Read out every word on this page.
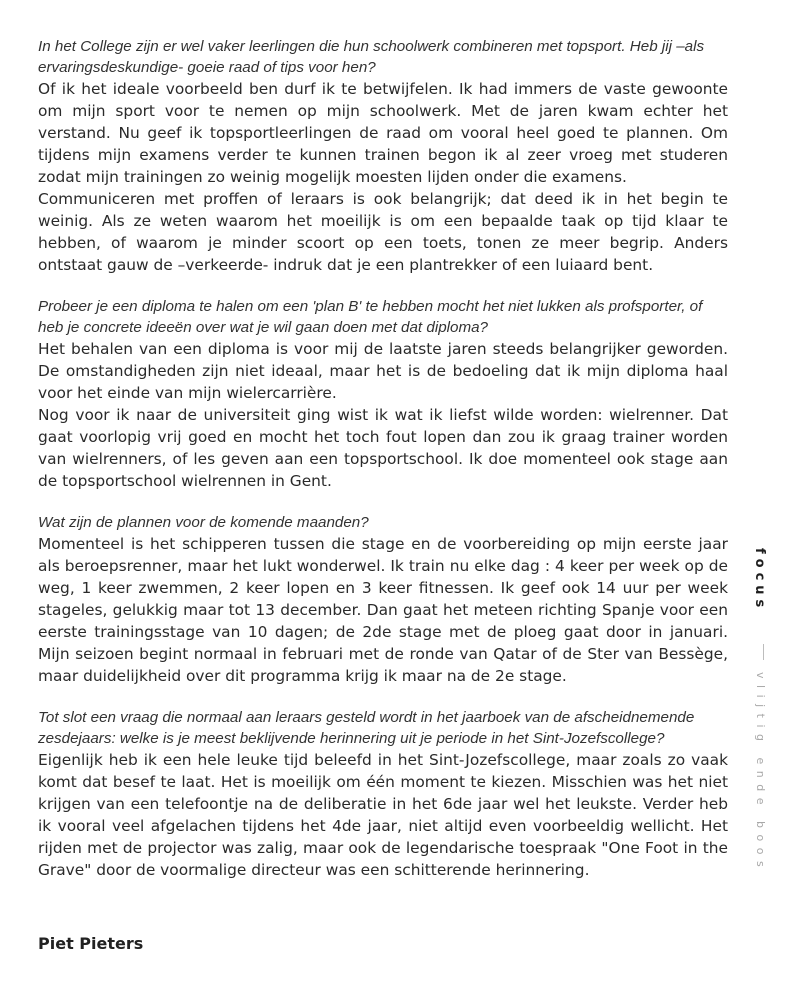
In het College zijn er wel vaker leerlingen die hun schoolwerk combineren met topsport. Heb jij –als ervaringsdeskundige- goeie raad of tips voor hen?

Of ik het ideale voorbeeld ben durf ik te betwijfelen. Ik had immers de vaste gewoonte om mijn sport voor te nemen op mijn schoolwerk. Met de jaren kwam echter het verstand. Nu geef ik topsportleerlingen de raad om vooral heel goed te plannen. Om tijdens mijn examens verder te kunnen trainen begon ik al zeer vroeg met studeren zodat mijn trainingen zo weinig mogelijk moesten lijden onder die examens.

Communiceren met proffen of leraars is ook belangrijk; dat deed ik in het begin te weinig. Als ze weten waarom het moeilijk is om een bepaalde taak op tijd klaar te hebben, of waarom je minder scoort op een toets, tonen ze meer begrip. Anders ontstaat gauw de –verkeerde- indruk dat je een plantrekker of een luiaard bent.

Probeer je een diploma te halen om een 'plan B' te hebben mocht het niet lukken als profsporter, of heb je concrete ideeën over wat je wil gaan doen met dat diploma?

Het behalen van een diploma is voor mij de laatste jaren steeds belangrijker geworden. De omstandigheden zijn niet ideaal, maar het is de bedoeling dat ik mijn diploma haal voor het einde van mijn wielercarrière.

Nog voor ik naar de universiteit ging wist ik wat ik liefst wilde worden: wielrenner. Dat gaat voorlopig vrij goed en mocht het toch fout lopen dan zou ik graag trainer worden van wielrenners, of les geven aan een topsportschool. Ik doe momenteel ook stage aan de topsportschool wielrennen in Gent.

Wat zijn de plannen voor de komende maanden?

Momenteel is het schipperen tussen die stage en de voorbereiding op mijn eerste jaar als beroepsrenner, maar het lukt wonderwel. Ik train nu elke dag : 4 keer per week op de weg, 1 keer zwemmen, 2 keer lopen en 3 keer fitnessen. Ik geef ook 14 uur per week stageles, gelukkig maar tot 13 december. Dan gaat het meteen richting Spanje voor een eerste trainingsstage van 10 dagen; de 2de stage met de ploeg gaat door in januari. Mijn seizoen begint normaal in februari met de ronde van Qatar of de Ster van Bessège, maar duidelijkheid over dit programma krijg ik maar na de 2e stage.

Tot slot een vraag die normaal aan leraars gesteld wordt in het jaarboek van de afscheidnemende zesdejaars: welke is je meest beklijvende herinnering uit je periode in het Sint-Jozefscollege?

Eigenlijk heb ik een hele leuke tijd beleefd in het Sint-Jozefscollege, maar zoals zo vaak komt dat besef te laat. Het is moeilijk om één moment te kiezen. Misschien was het niet krijgen van een telefoontje na de deliberatie in het 6de jaar wel het leukste. Verder heb ik vooral veel afgelachen tijdens het 4de jaar, niet altijd even voorbeeldig wellicht. Het rijden met de projector was zalig, maar ook de legendarische toespraak "One Foot in the Grave" door de voormalige directeur was een schitterende herinnering.

Piet Pieters

focus
vlijtig ende boos
